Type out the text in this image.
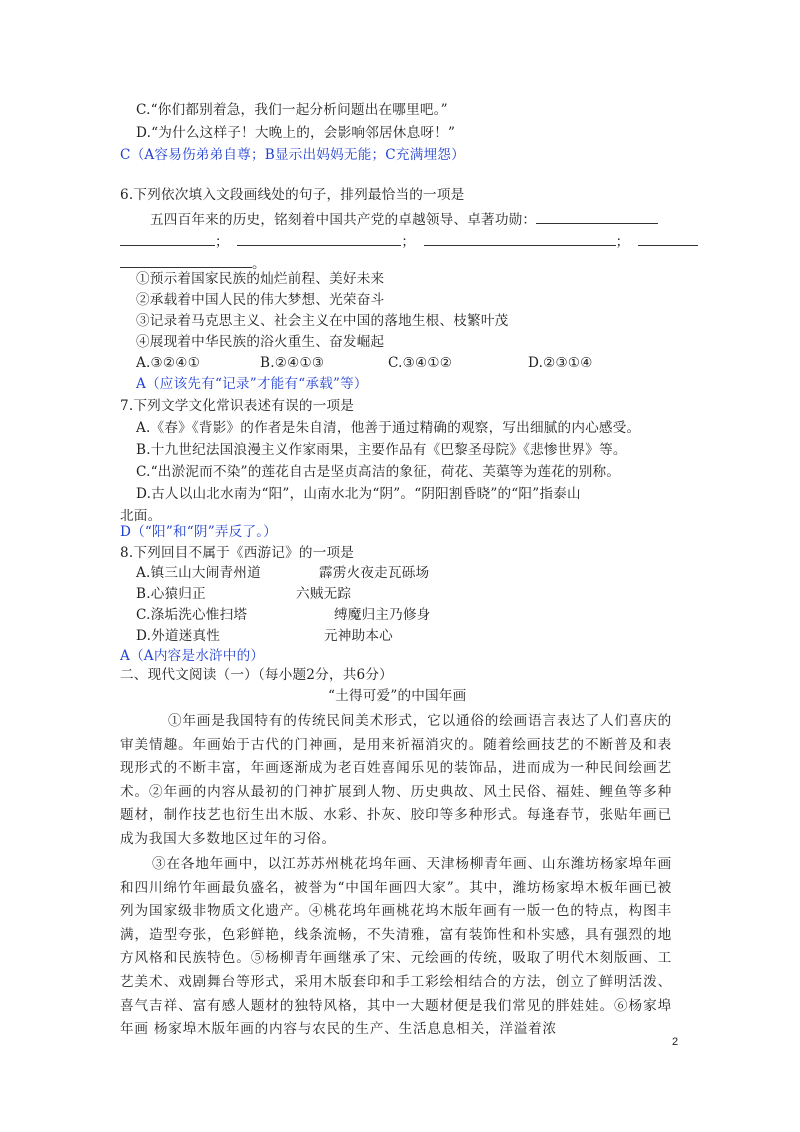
C.“你们都别着急，我们一起分析问题出在哪里吧。”
D.“为什么这样子！大晚上的，会影响邻居休息呀！”
C（A容易伤弟弟自尊；B显示出妈妈无能；C充满埋怨）
6.下列依次填入文段画线处的句子，排列最恰当的一项是
五四百年来的历史，铭刻着中国共产党的卓越领导、卓著功勋：
；	；	；
。
①预示着国家民族的灿烂前程、美好未来
②承载着中国人民的伟大梦想、光荣奋斗
③记录着马克思主义、社会主义在中国的落地生根、枝繁叶茂
④展现着中华民族的浴火重生、奋发崛起
A.③②④①	B.②④①③	C.③④①②	D.②③①④
A（应该先有“记录”才能有“承载”等）
7.下列文学文化常识表述有误的一项是
A.《春》《背影》的作者是朱自清，他善于通过精确的观察，写出细腻的内心感受。
B.十九世纪法国浪漫主义作家雨果，主要作品有《巴黎圣母院》《悲惨世界》等。
C.“出淤泥而不染”的莲花自古是坚贞高洁的象征，荷花、芙蕖等为莲花的别称。
D.古人以山北水南为“阳”，山南水北为“阴”。“阴阳割昏晓”的“阳”指泰山
北面。
D（“阳”和“阴”弄反了。）
8.下列回目不属于《西游记》的一项是
A.镇三山大闹青州道	霹雳火夜走瓦砾场
B.心猿归正	六贼无踪
C.涤垢洗心惟扫塔	缚魔归主乃修身
D.外道迷真性	元神助本心
A（A内容是水浒中的）
二、现代文阅读（一）（每小题2分，共6分）
“土得可爱”的中国年画
①年画是我国特有的传统民间美术形式，它以通俗的绘画语言表达了人们喜庆的审美情趣。年画始于古代的门神画，是用来祈福消灾的。随着绘画技艺的不断普及和表现形式的不断丰富，年画逐渐成为老百姓喜闻乐见的装饰品，进而成为一种民间绘画艺术。②年画的内容从最初的门神扩展到人物、历史典故、风土民俗、福娃、鲤鱼等多种题材，制作技艺也衍生出木版、水彩、扑灰、胶印等多种形式。每逢春节，张贴年画已成为我国大多数地区过年的习俗。
③在各地年画中，以江苏苏州桃花坞年画、天津杨柳青年画、山东潍坊杨家埠年画和四川绵竹年画最负盛名，被誉为“中国年画四大家”。其中，潍坊杨家埠木板年画已被列为国家级非物质文化遗产。④桃花坞年画桃花坞木版年画有一版一色的特点，构图丰满，造型夸张，色彩鲜艳，线条流畅，不失清雅，富有装饰性和朴实感，具有强烈的地方风格和民族特色。⑤杨柳青年画继承了宋、元绘画的传统，吸取了明代木刻版画、工艺美术、戏剧舞台等形式，采用木版套印和手工彩绘相结合的方法，创立了鲜明活泼、喜气吉祥、富有感人题材的独特风格，其中一大题材便是我们常见的胖娃娃。⑥杨家埠年画 杨家埠木版年画的内容与农民的生产、生活息息相关，洋溢着浓
2
